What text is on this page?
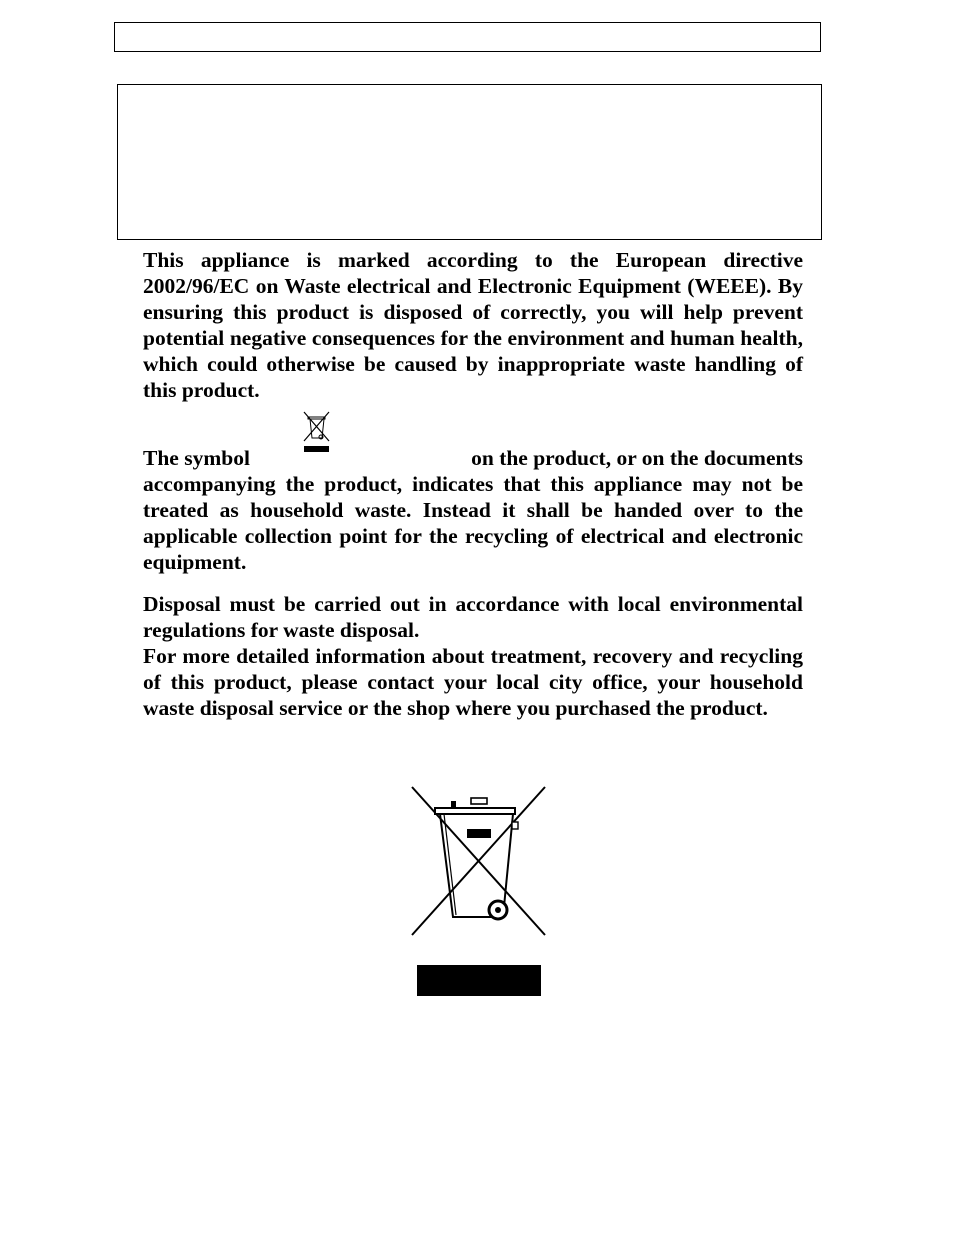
This appliance is marked according to the European directive 2002/96/EC on Waste electrical and Electronic Equipment (WEEE). By ensuring this product is disposed of correctly, you will help prevent potential negative consequences for the environment and human health, which could otherwise be caused by inappropriate waste handling of this product.

The symbol	on the product, or on the documents
accompanying the product, indicates that this appliance may not be treated as household waste. Instead it shall be handed over to the applicable collection point for the recycling of electrical and electronic equipment.

Disposal must be carried out in accordance with local environmental regulations for waste disposal.

For more detailed information about treatment, recovery and recycling of this product, please contact your local city office, your household waste disposal service or the shop where you purchased the product.
